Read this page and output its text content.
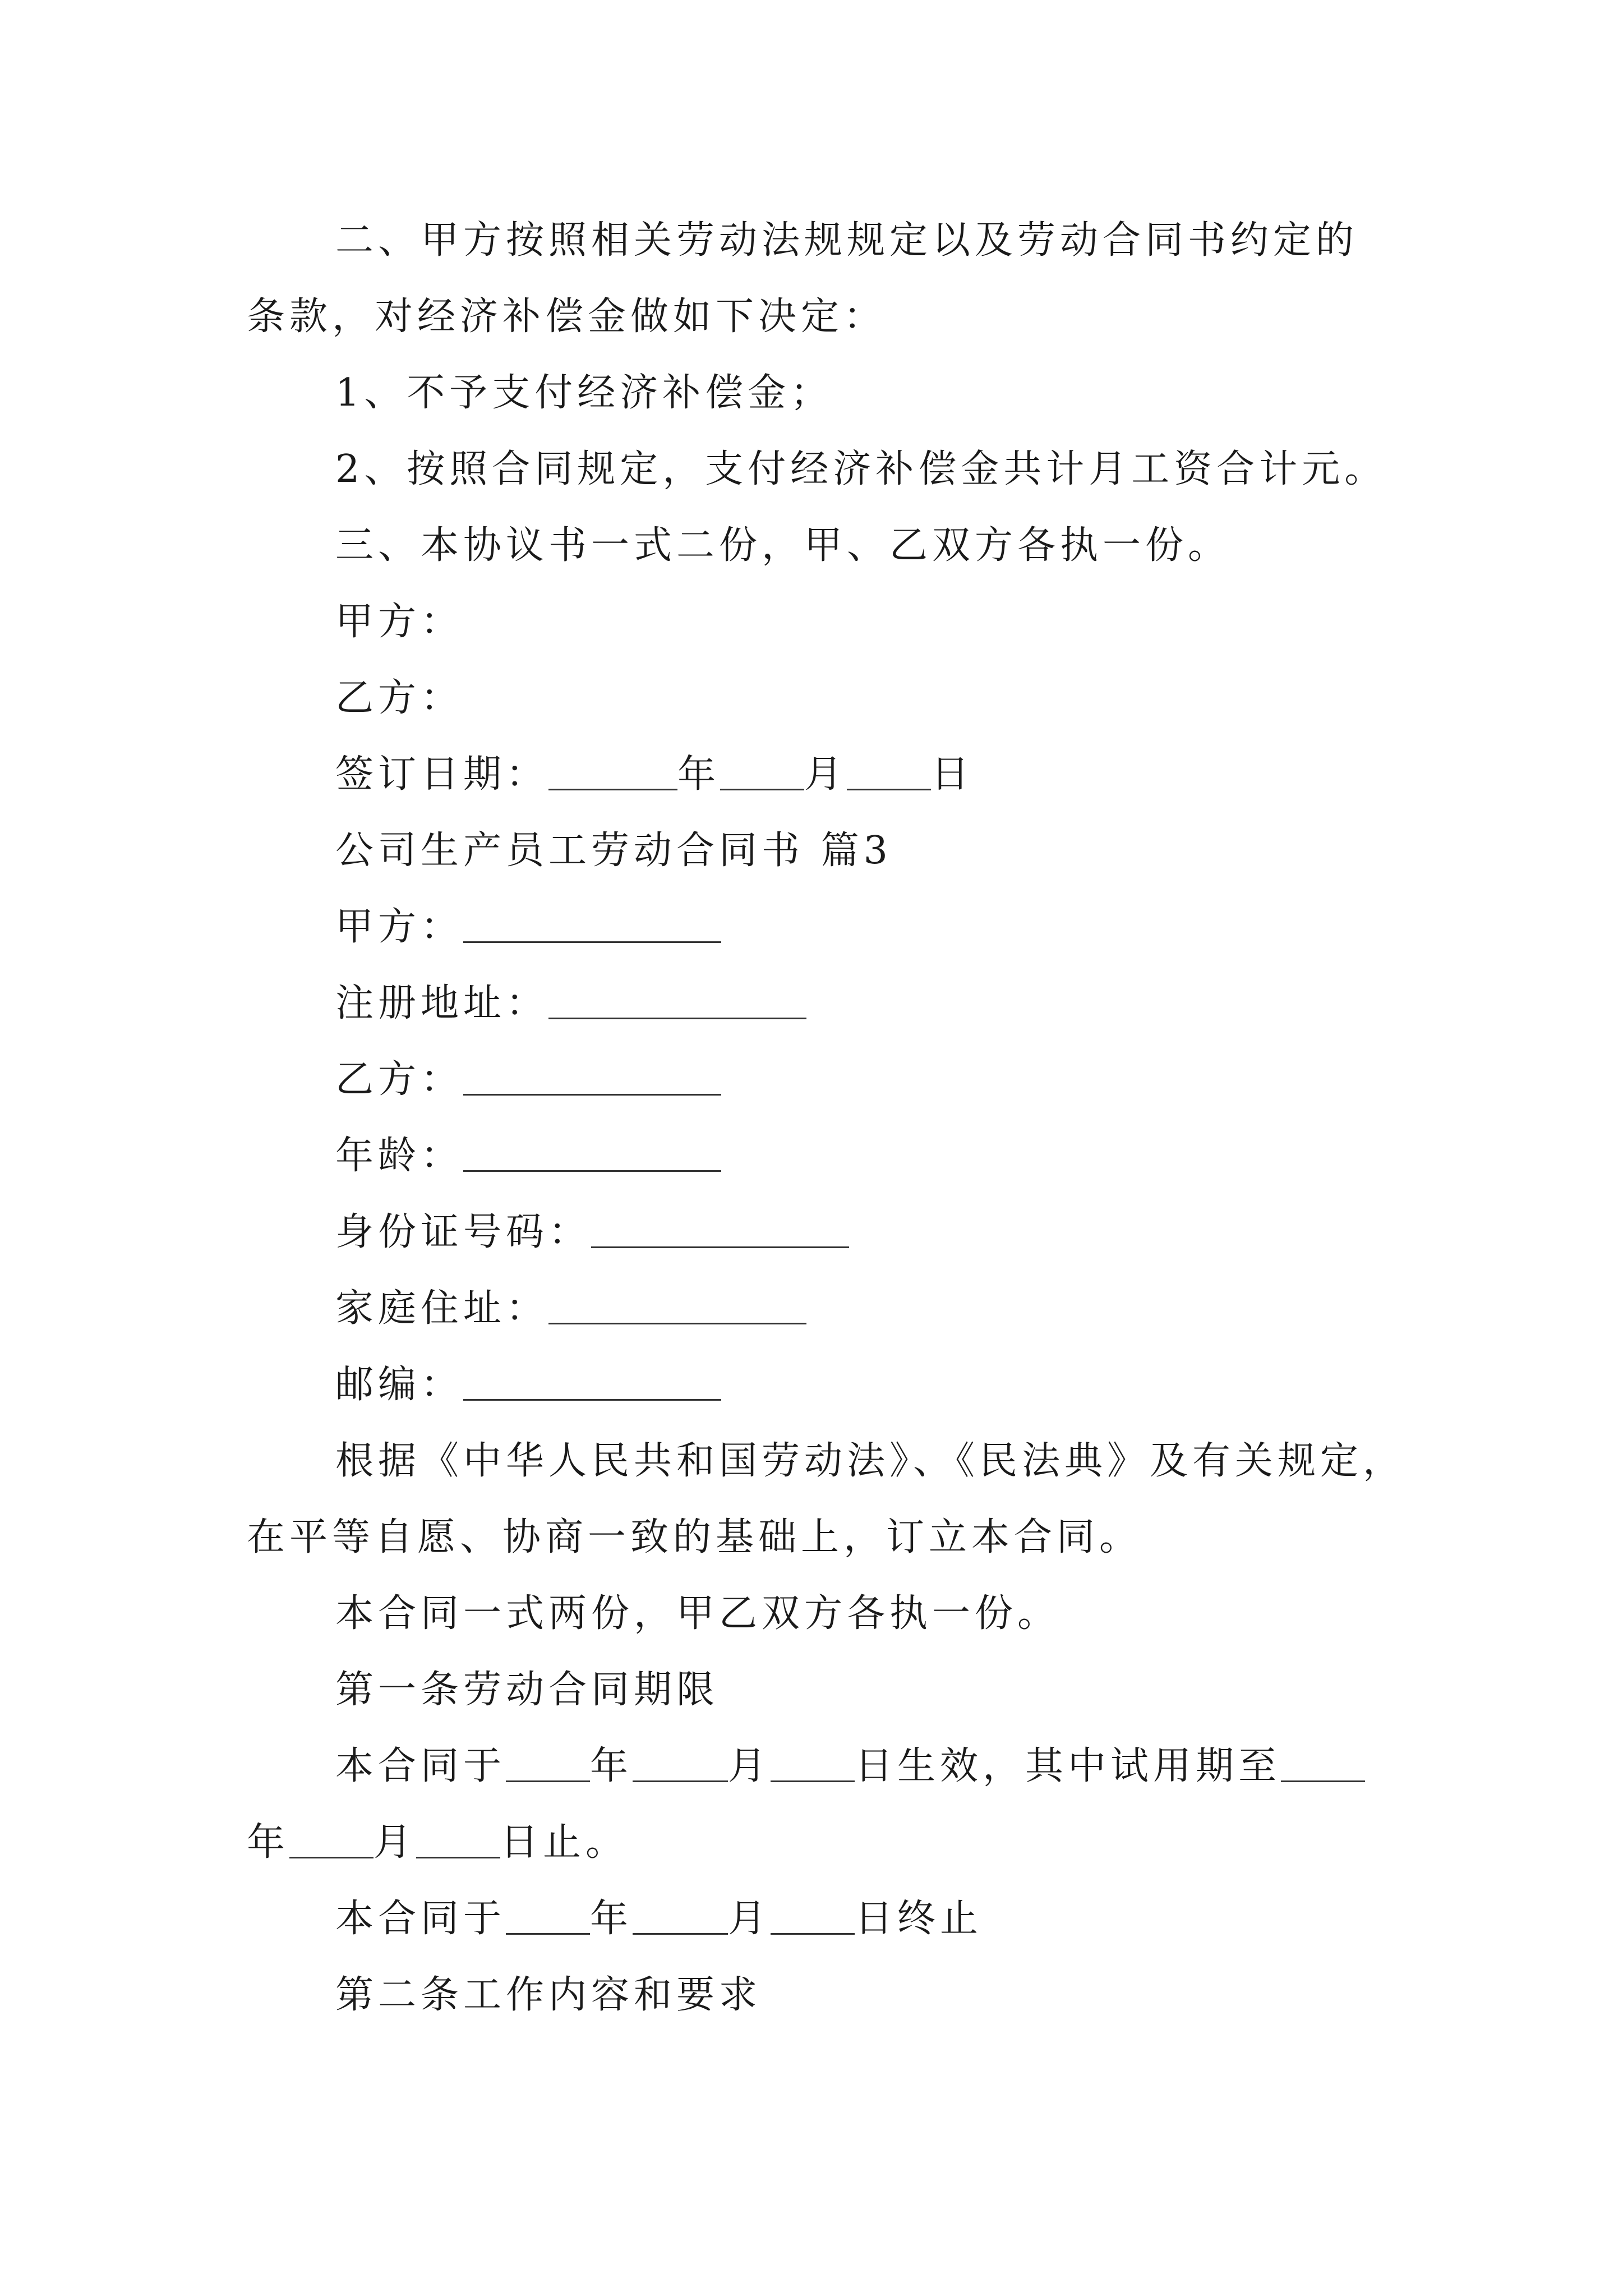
二、甲方按照相关劳动法规规定以及劳动合同书约定的
条款，对经济补偿金做如下决定：
1、不予支付经济补偿金；
2、按照合同规定，支付经济补偿金共计月工资合计元。
三、本协议书一式二份，甲、乙双方各执一份。
甲方：
乙方：
签订日期：	年 月 日
公司生产员工劳动合同书 篇3
甲方：
注册地址：
乙方：
年龄：
身份证号码：
家庭住址：
邮编：
根据《中华人民共和国劳动法》、《民法典》及有关规定，
在平等自愿、协商一致的基础上，订立本合同。
本合同一式两份，甲乙双方各执一份。
第一条劳动合同期限
本合同于 年	月 日生效，其中试用期至
年 月 日止。
本合同于 年	月 日终止
第二条工作内容和要求
